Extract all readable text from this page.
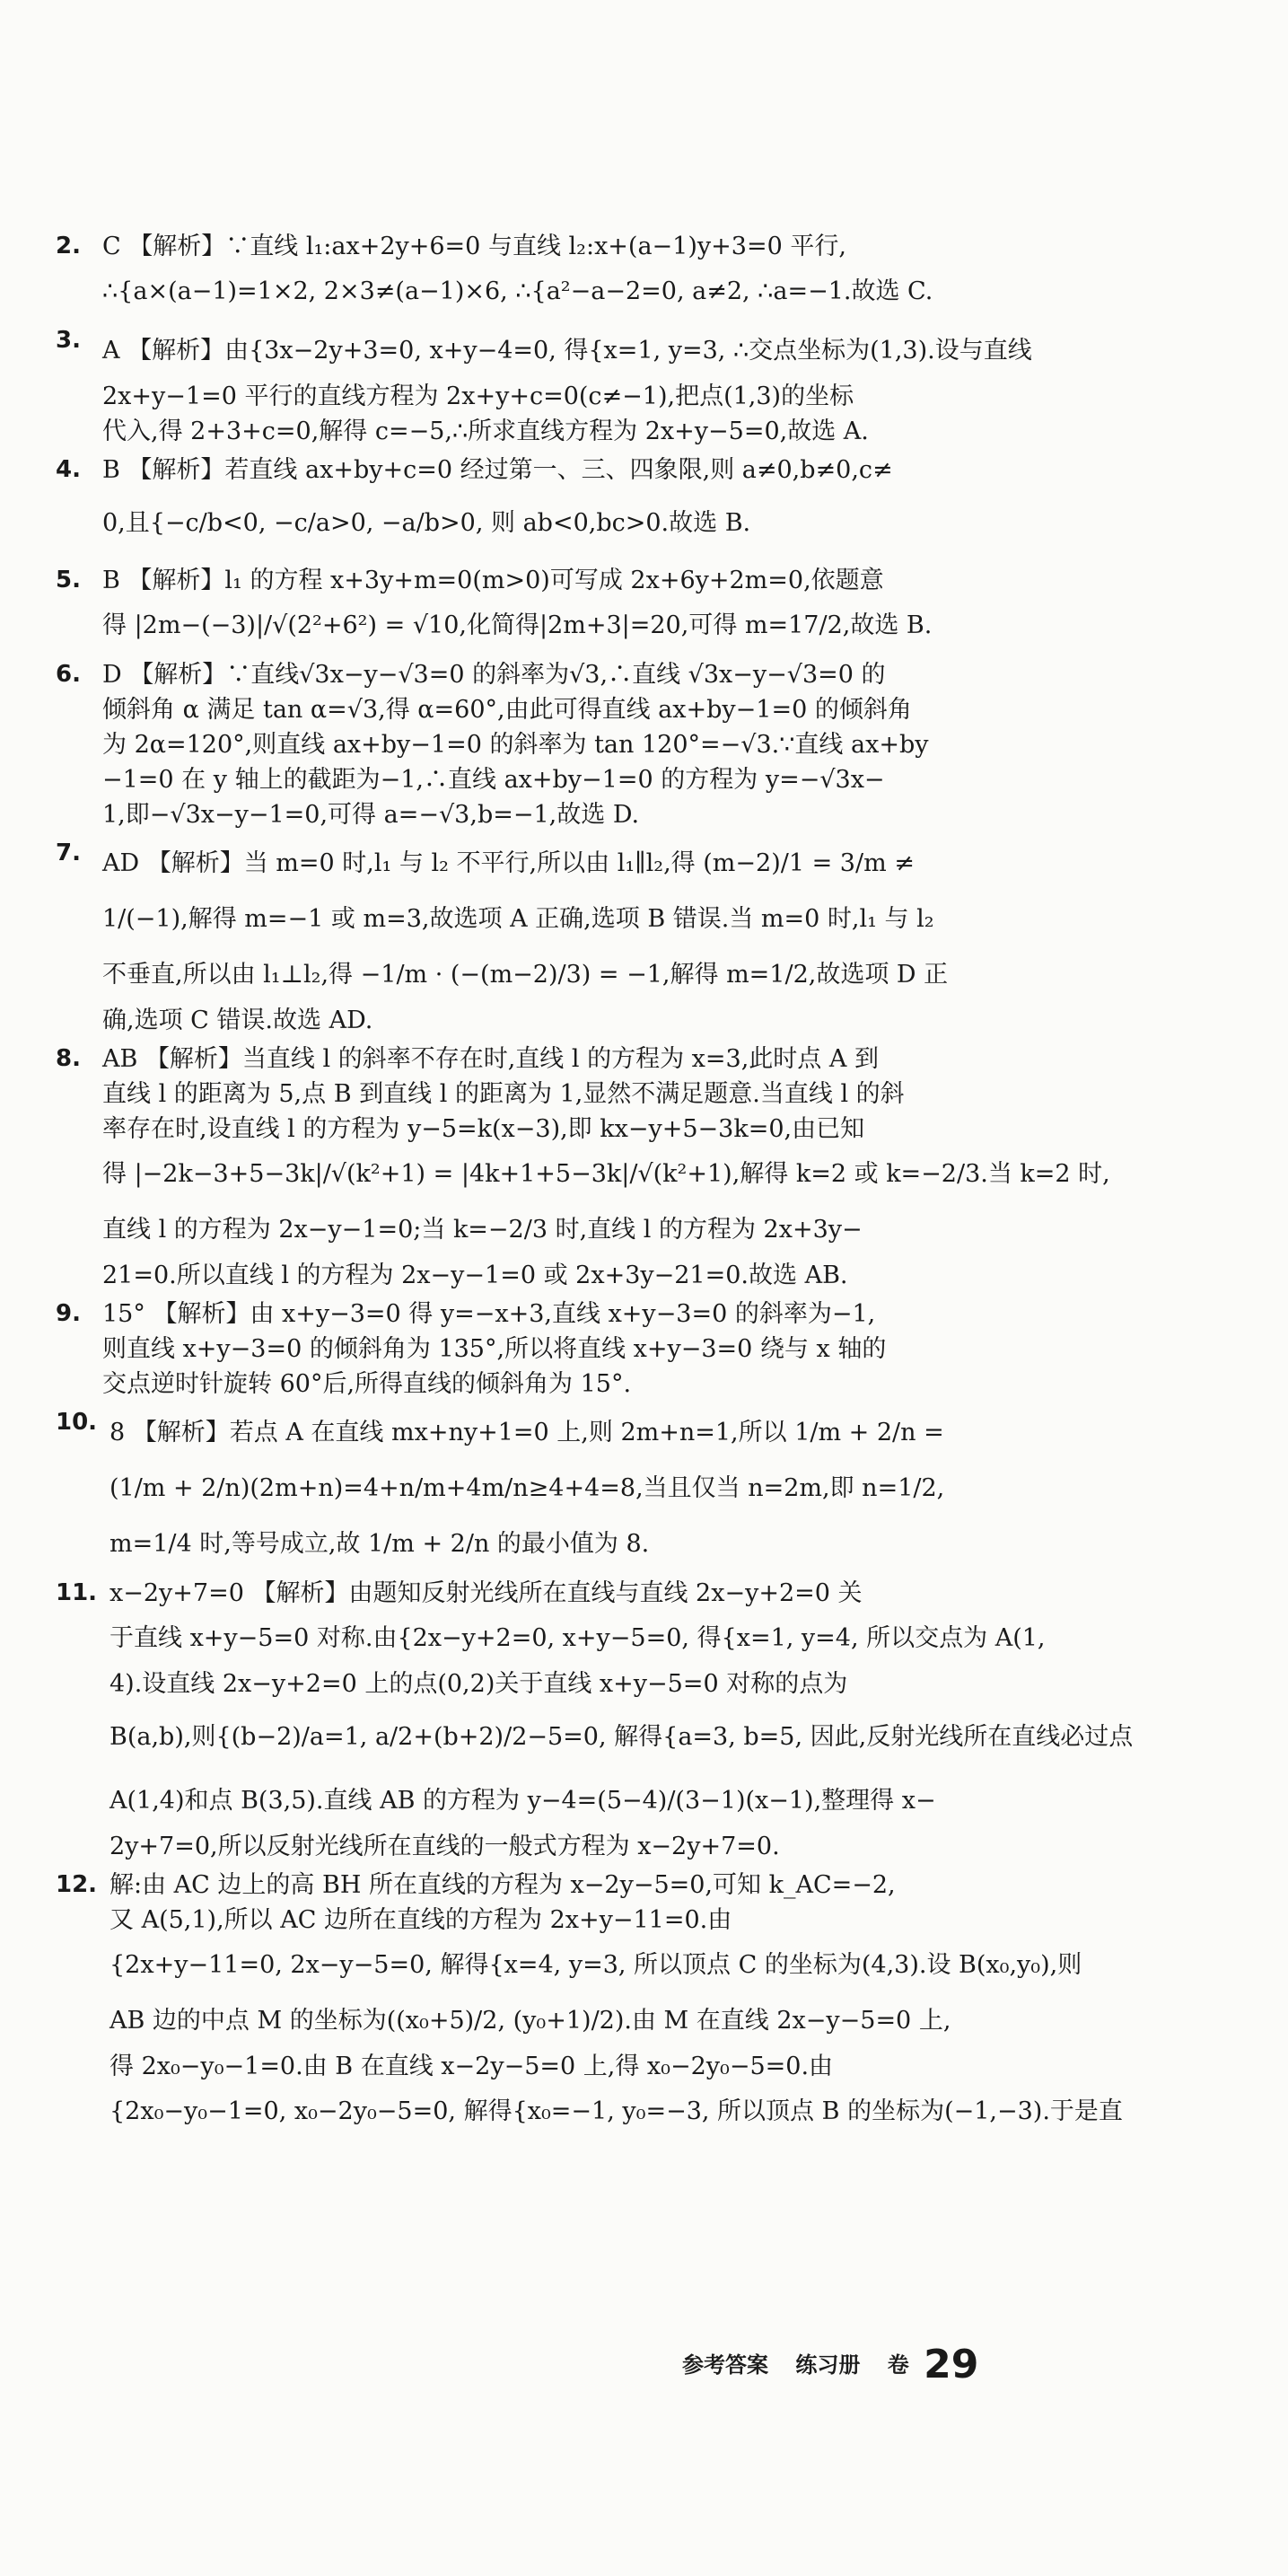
2. C 【解析】∵直线 l₁:ax+2y+6=0 与直线 l₂:x+(a−1)y+3=0 平行,
∴{a×(a−1)=1×2, 2×3≠(a−1)×6, ∴{a²−a−2=0, a≠2, ∴a=−1.故选 C.
3. A 【解析】由{3x−2y+3=0, x+y−4=0, 得{x=1, y=3, ∴交点坐标为(1,3).设与直线
2x+y−1=0 平行的直线方程为 2x+y+c=0(c≠−1),把点(1,3)的坐标
代入,得 2+3+c=0,解得 c=−5,∴所求直线方程为 2x+y−5=0,故选 A.
4. B 【解析】若直线 ax+by+c=0 经过第一、三、四象限,则 a≠0,b≠0,c≠
0,且{−c/b<0, −c/a>0, −a/b>0, 则 ab<0,bc>0.故选 B.
5. B 【解析】l₁ 的方程 x+3y+m=0(m>0)可写成 2x+6y+2m=0,依题意
得 |2m−(−3)|/√(2²+6²) = √10,化简得|2m+3|=20,可得 m=17/2,故选 B.
6. D 【解析】∵直线√3x−y−√3=0 的斜率为√3,∴直线 √3x−y−√3=0 的
倾斜角 α 满足 tan α=√3,得 α=60°,由此可得直线 ax+by−1=0 的倾斜角
为 2α=120°,则直线 ax+by−1=0 的斜率为 tan 120°=−√3.∵直线 ax+by
−1=0 在 y 轴上的截距为−1,∴直线 ax+by−1=0 的方程为 y=−√3x−
1,即−√3x−y−1=0,可得 a=−√3,b=−1,故选 D.
7. AD 【解析】当 m=0 时,l₁ 与 l₂ 不平行,所以由 l₁∥l₂,得 (m−2)/1 = 3/m ≠
1/(−1),解得 m=−1 或 m=3,故选项 A 正确,选项 B 错误.当 m=0 时,l₁ 与 l₂
不垂直,所以由 l₁⊥l₂,得 −1/m · (−(m−2)/3) = −1,解得 m=1/2,故选项 D 正
确,选项 C 错误.故选 AD.
8. AB 【解析】当直线 l 的斜率不存在时,直线 l 的方程为 x=3,此时点 A 到
直线 l 的距离为 5,点 B 到直线 l 的距离为 1,显然不满足题意.当直线 l 的斜
率存在时,设直线 l 的方程为 y−5=k(x−3),即 kx−y+5−3k=0,由已知
得 |−2k−3+5−3k|/√(k²+1) = |4k+1+5−3k|/√(k²+1),解得 k=2 或 k=−2/3.当 k=2 时,
直线 l 的方程为 2x−y−1=0;当 k=−2/3 时,直线 l 的方程为 2x+3y−
21=0.所以直线 l 的方程为 2x−y−1=0 或 2x+3y−21=0.故选 AB.
9. 15° 【解析】由 x+y−3=0 得 y=−x+3,直线 x+y−3=0 的斜率为−1,
则直线 x+y−3=0 的倾斜角为 135°,所以将直线 x+y−3=0 绕与 x 轴的
交点逆时针旋转 60°后,所得直线的倾斜角为 15°.
10. 8 【解析】若点 A 在直线 mx+ny+1=0 上,则 2m+n=1,所以 1/m + 2/n =
(1/m + 2/n)(2m+n)=4+n/m+4m/n≥4+4=8,当且仅当 n=2m,即 n=1/2,
m=1/4 时,等号成立,故 1/m + 2/n 的最小值为 8.
11. x−2y+7=0 【解析】由题知反射光线所在直线与直线 2x−y+2=0 关
于直线 x+y−5=0 对称.由{2x−y+2=0, x+y−5=0, 得{x=1, y=4, 所以交点为 A(1,
4).设直线 2x−y+2=0 上的点(0,2)关于直线 x+y−5=0 对称的点为
B(a,b),则{(b−2)/a=1, a/2+(b+2)/2−5=0, 解得{a=3, b=5, 因此,反射光线所在直线必过点
A(1,4)和点 B(3,5).直线 AB 的方程为 y−4=(5−4)/(3−1)(x−1),整理得 x−
2y+7=0,所以反射光线所在直线的一般式方程为 x−2y+7=0.
12. 解:由 AC 边上的高 BH 所在直线的方程为 x−2y−5=0,可知 k_AC=−2,
又 A(5,1),所以 AC 边所在直线的方程为 2x+y−11=0.由
{2x+y−11=0, 2x−y−5=0, 解得{x=4, y=3, 所以顶点 C 的坐标为(4,3).设 B(x₀,y₀),则
AB 边的中点 M 的坐标为((x₀+5)/2, (y₀+1)/2).由 M 在直线 2x−y−5=0 上,
得 2x₀−y₀−1=0.由 B 在直线 x−2y−5=0 上,得 x₀−2y₀−5=0.由
{2x₀−y₀−1=0, x₀−2y₀−5=0, 解得{x₀=−1, y₀=−3, 所以顶点 B 的坐标为(−1,−3).于是直
参考答案 练习册 卷 29
